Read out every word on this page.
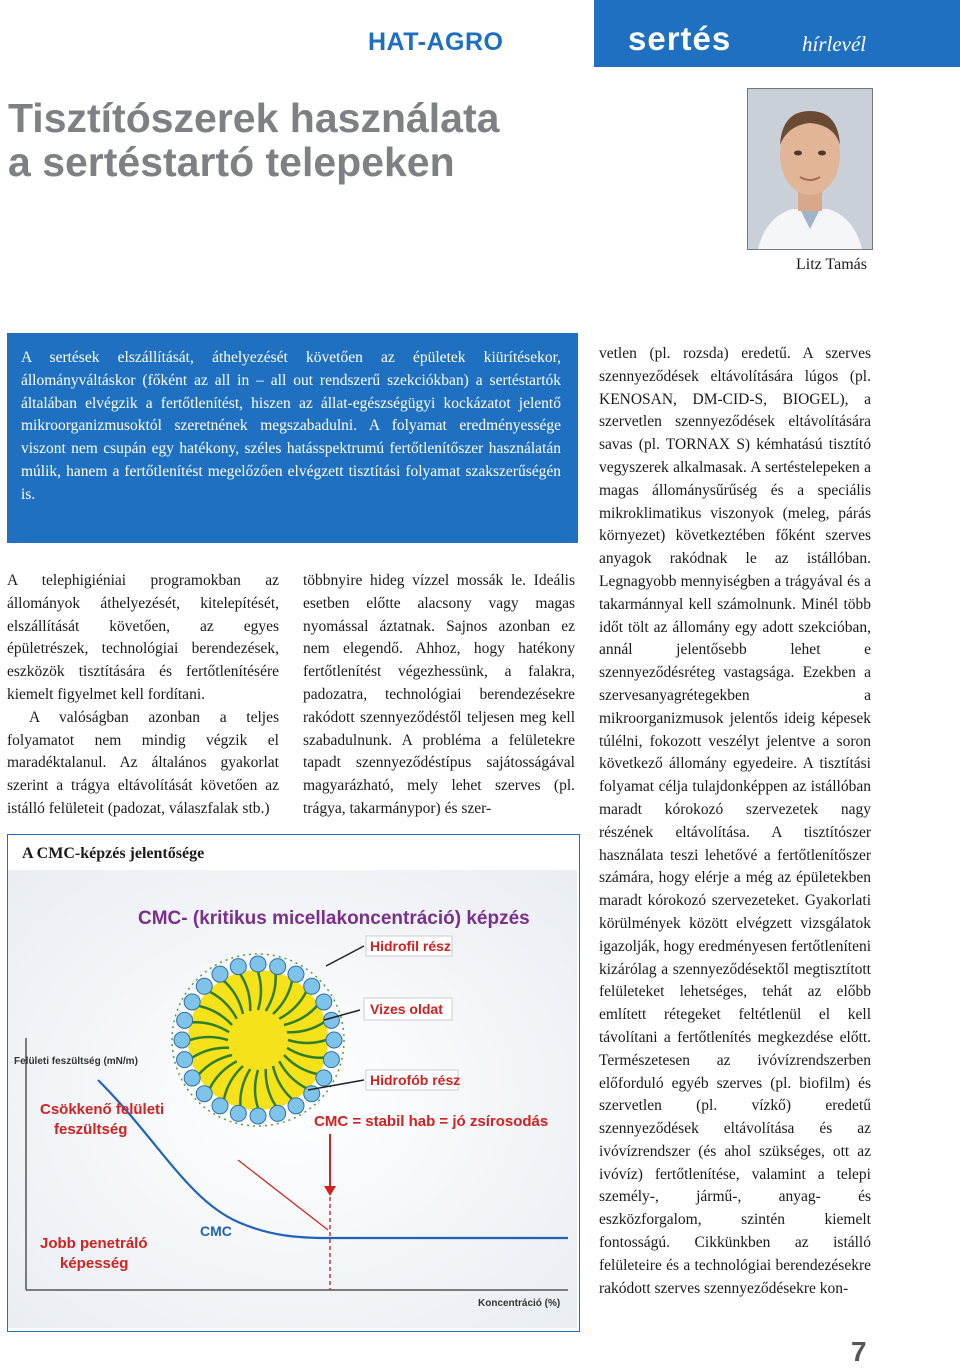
HAT-AGRO	sertés	hírlevél
Tisztítószerek használata
a sertéstartó telepeken
Litz Tamás

A sertések elszállítását, áthelyezését követően az épületek kiürítésekor, állományváltáskor (főként az all in – all out rendszerű szekciókban) a sertéstartók általában elvégzik a fertőtlenítést, hiszen az állat-egészségügyi kockázatot jelentő mikroorganizmusoktól szeretnének megszabadulni. A folyamat eredményessége viszont nem csupán egy hatékony, széles hatásspektrumú fertőtlenítőszer használatán múlik, hanem a fertőtlenítést megelőzően elvégzett tisztítási folyamat szakszerűségén is.

A telephigiéniai programokban az állományok áthelyezését, kitelepítését, elszállítását követően, az egyes épületrészek, technológiai berendezések, eszközök tisztítására és fertőtlenítésére kiemelt figyelmet kell fordítani.

A valóságban azonban a teljes folyamatot nem mindig végzik el maradéktalanul. Az általános gyakorlat szerint a trágya eltávolítását követően az istálló felületeit (padozat, válaszfalak stb.)

többnyire hideg vízzel mossák le. Ideális esetben előtte alacsony vagy magas nyomással áztatnak. Sajnos azonban ez nem elegendő. Ahhoz, hogy hatékony fertőtlenítést végezhessünk, a falakra, padozatra, technológiai berendezésekre rakódott szennyeződéstől teljesen meg kell szabadulnunk. A probléma a felületekre tapadt szennyeződéstípus sajátosságával magyarázható, mely lehet szerves (pl. trágya, takarmánypor) és szer-

vetlen (pl. rozsda) eredetű. A szerves szennyeződések eltávolítására lúgos (pl. KENOSAN, DM-CID-S, BIOGEL), a szervetlen szennyeződések eltávolítására savas (pl. TORNAX S) kémhatású tisztító vegyszerek alkalmasak. A sertéstelepeken a magas állománysűrűség és a speciális mikroklimatikus viszonyok (meleg, párás környezet) következtében főként szerves anyagok rakódnak le az istállóban. Legnagyobb mennyiségben a trágyával és a takarmánnyal kell számolnunk. Minél több időt tölt az állomány egy adott szekcióban, annál jelentősebb lehet e szennyeződésréteg vastagsága. Ezekben a szervesanyagrétegekben a mikroorganizmusok jelentős ideig képesek túlélni, fokozott veszélyt jelentve a soron következő állomány egyedeire. A tisztítási folyamat célja tulajdonképpen az istállóban maradt kórokozó szervezetek nagy részének eltávolítása. A tisztítószer használata teszi lehetővé a fertőtlenítőszer számára, hogy elérje a még az épületekben maradt kórokozó szervezeteket. Gyakorlati körülmények között elvégzett vizsgálatok igazolják, hogy eredményesen fertőtleníteni kizárólag a szennyeződésektől megtisztított felületeket lehetséges, tehát az előbb említett rétegeket feltétlenül el kell távolítani a fertőtlenítés megkezdése előtt. Természetesen az ivóvízrendszerben előforduló egyéb szerves (pl. biofilm) és szervetlen (pl. vízkő) eredetű szennyeződések eltávolítása és az ivóvízrendszer (és ahol szükséges, ott az ivóvíz) fertőtlenítése, valamint a telepi személy-, jármű-, anyag- és eszközforgalom, szintén kiemelt fontosságú. Cikkünkben az istálló felületeire és a technológiai berendezésekre rakódott szerves szennyeződésekre kon-

A CMC-képzés jelentősége
CMC- (kritikus micellakoncentráció) képzés
Hidrofil rész
Vizes oldat
Hidrofób rész
Felületi feszültség (mN/m)
Csökkenő felületi
feszültség	CMC = stabil hab = jó zsírosodás
CMC
Jobb penetráló
képesség
Koncentráció (%)
7
